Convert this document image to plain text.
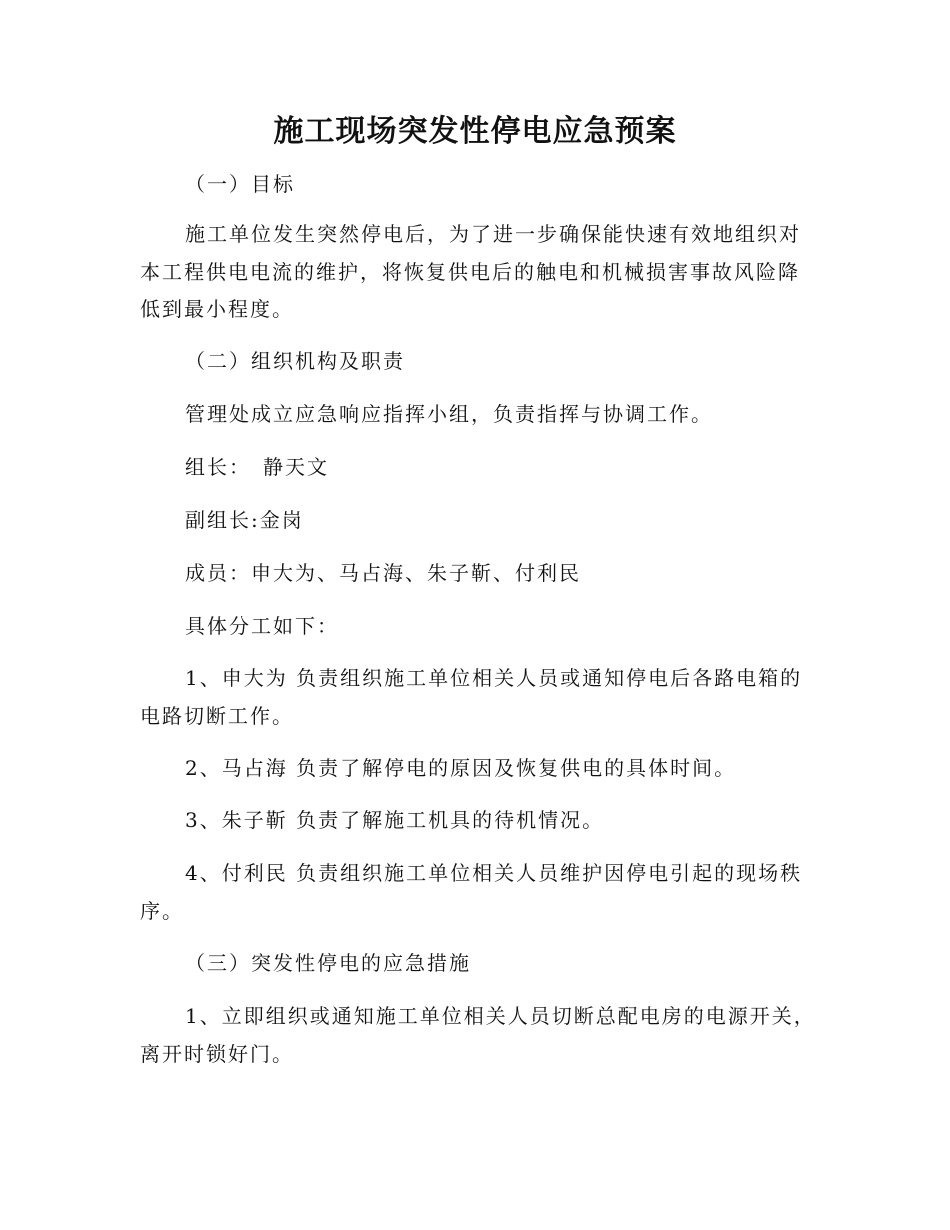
施工现场突发性停电应急预案

（一）目标

施工单位发生突然停电后，为了进一步确保能快速有效地组织对

本工程供电电流的维护，将恢复供电后的触电和机械损害事故风险降

低到最小程度。

（二）组织机构及职责

管理处成立应急响应指挥小组，负责指挥与协调工作。

组长：　静天文

副组长:金岗

成员：申大为、马占海、朱子靳、付利民

具体分工如下：

1、申大为 负责组织施工单位相关人员或通知停电后各路电箱的

电路切断工作。

2、马占海 负责了解停电的原因及恢复供电的具体时间。

3、朱子靳 负责了解施工机具的待机情况。

4、付利民 负责组织施工单位相关人员维护因停电引起的现场秩

序。

（三）突发性停电的应急措施

1、立即组织或通知施工单位相关人员切断总配电房的电源开关，

离开时锁好门。
